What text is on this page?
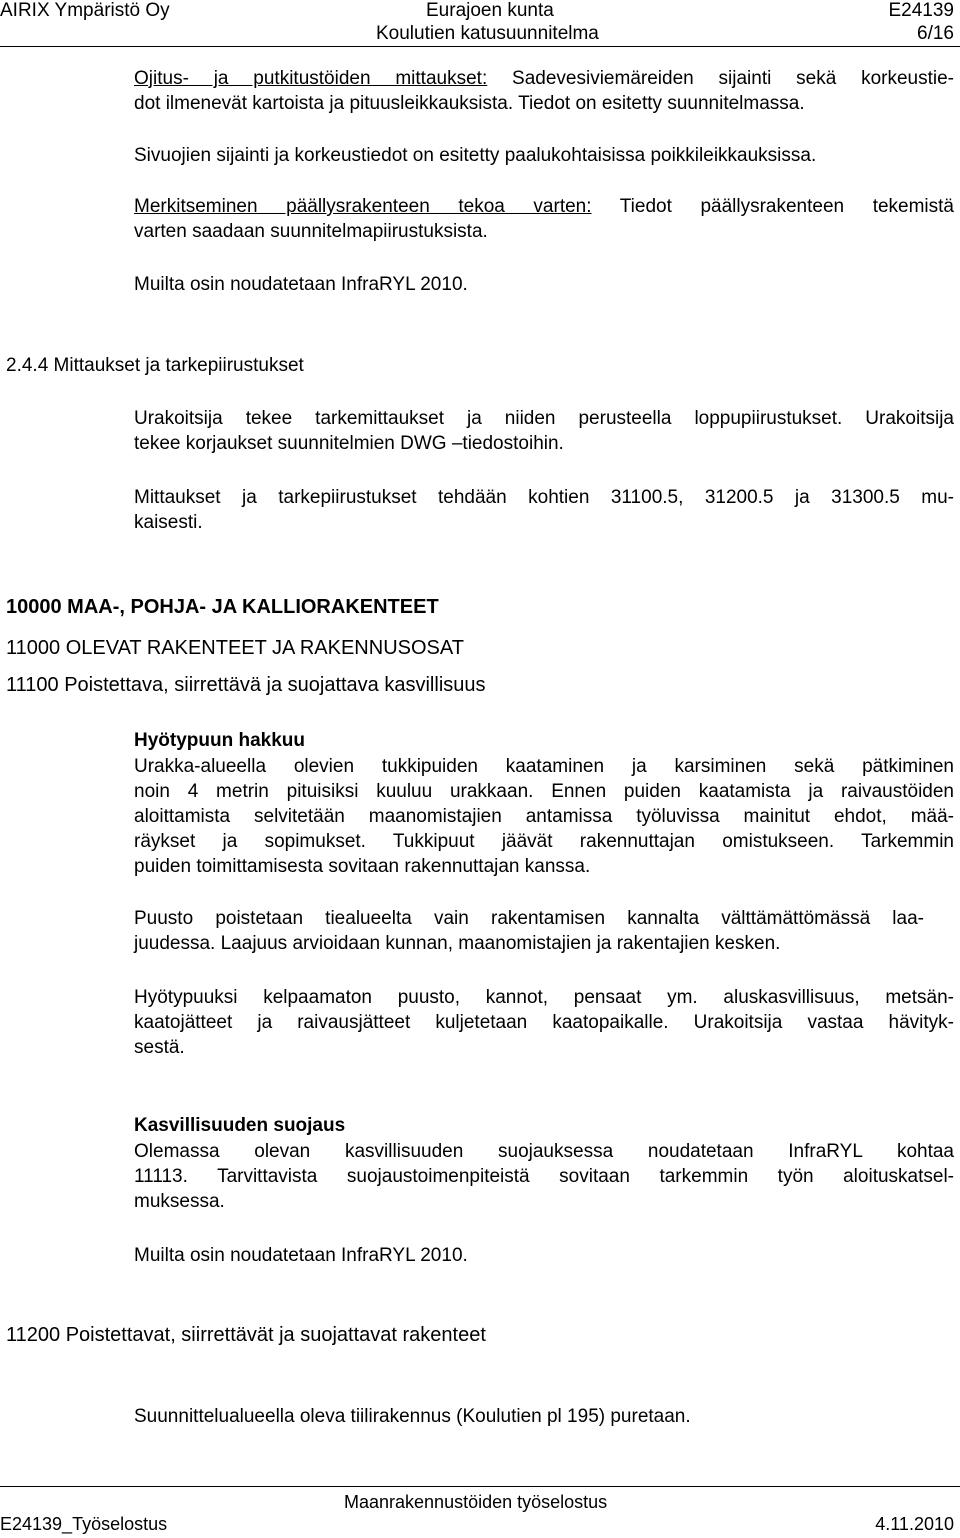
AIRIX Ympäristö Oy	Eurajoen kunta	E24139
Koulutien katusuunnitelma	6/16
Ojitus- ja putkitustöiden mittaukset: Sadevesiviemäreiden sijainti sekä korkeustie-
dot ilmenevät kartoista ja pituusleikkauksista. Tiedot on esitetty suunnitelmassa.
Sivuojien sijainti ja korkeustiedot on esitetty paalukohtaisissa poikkileikkauksissa.
Merkitseminen päällysrakenteen tekoa varten: Tiedot päällysrakenteen tekemistä
varten saadaan suunnitelmapiirustuksista.
Muilta osin noudatetaan InfraRYL 2010.
2.4.4 Mittaukset ja tarkepiirustukset
Urakoitsija tekee tarkemittaukset ja niiden perusteella loppupiirustukset. Urakoitsija
tekee korjaukset suunnitelmien DWG –tiedostoihin.
Mittaukset ja tarkepiirustukset tehdään kohtien 31100.5, 31200.5 ja 31300.5 mu-
kaisesti.
10000 MAA-, POHJA- JA KALLIORAKENTEET
11000 OLEVAT RAKENTEET JA RAKENNUSOSAT
11100 Poistettava, siirrettävä ja suojattava kasvillisuus
Hyötypuun hakkuu
Urakka-alueella olevien tukkipuiden kaataminen ja karsiminen sekä pätkiminen
noin 4 metrin pituisiksi kuuluu urakkaan. Ennen puiden kaatamista ja raivaustöiden
aloittamista selvitetään maanomistajien antamissa työluvissa mainitut ehdot, mää-
räykset ja sopimukset. Tukkipuut jäävät rakennuttajan omistukseen. Tarkemmin
puiden toimittamisesta sovitaan rakennuttajan kanssa.
Puusto poistetaan tiealueelta vain rakentamisen kannalta välttämättömässä laa-
juudessa. Laajuus arvioidaan kunnan, maanomistajien ja rakentajien kesken.
Hyötypuuksi kelpaamaton puusto, kannot, pensaat ym. aluskasvillisuus, metsän-
kaatojätteet ja raivausjätteet kuljetetaan kaatopaikalle. Urakoitsija vastaa hävityk-
sestä.
Kasvillisuuden suojaus
Olemassa olevan kasvillisuuden suojauksessa noudatetaan InfraRYL kohtaa
11113. Tarvittavista suojaustoimenpiteistä sovitaan tarkemmin työn aloituskatsel-
muksessa.
Muilta osin noudatetaan InfraRYL 2010.
11200 Poistettavat, siirrettävät ja suojattavat rakenteet
Suunnittelualueella oleva tiilirakennus (Koulutien pl 195) puretaan.
Maanrakennustöiden työselostus
E24139_Työselostus	4.11.2010
